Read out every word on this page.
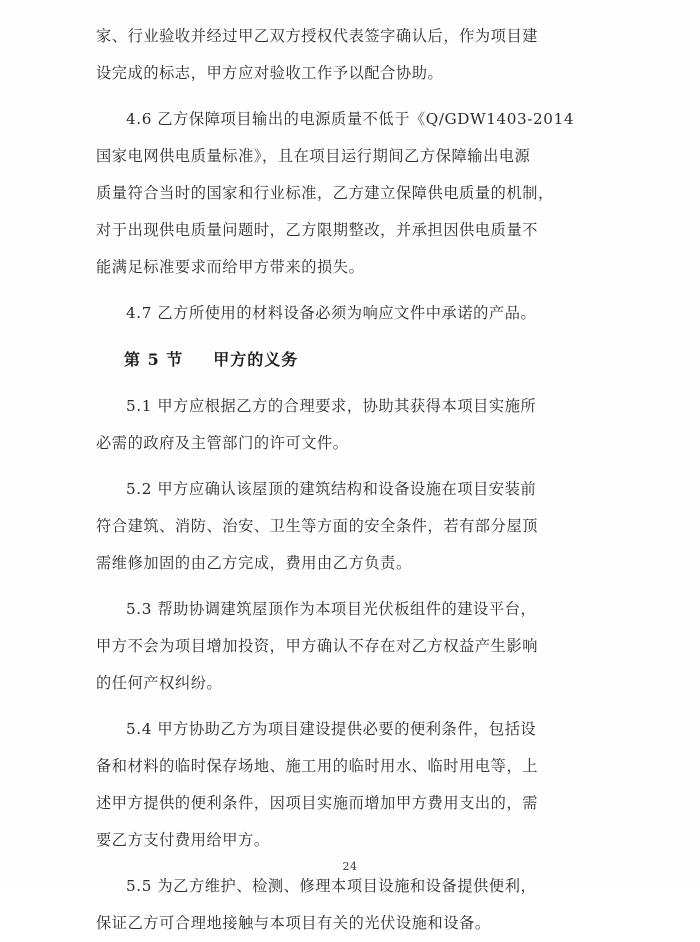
家、行业验收并经过甲乙双方授权代表签字确认后，作为项目建

设完成的标志，甲方应对验收工作予以配合协助。

4.6 乙方保障项目输出的电源质量不低于《Q/GDW1403-2014

国家电网供电质量标准》，且在项目运行期间乙方保障输出电源

质量符合当时的国家和行业标准，乙方建立保障供电质量的机制，

对于出现供电质量问题时，乙方限期整改，并承担因供电质量不

能满足标准要求而给甲方带来的损失。

4.7 乙方所使用的材料设备必须为响应文件中承诺的产品。

第 5 节 甲方的义务

5.1 甲方应根据乙方的合理要求，协助其获得本项目实施所

必需的政府及主管部门的许可文件。

5.2 甲方应确认该屋顶的建筑结构和设备设施在项目安装前

符合建筑、消防、治安、卫生等方面的安全条件，若有部分屋顶

需维修加固的由乙方完成，费用由乙方负责。

5.3 帮助协调建筑屋顶作为本项目光伏板组件的建设平台，

甲方不会为项目增加投资，甲方确认不存在对乙方权益产生影响

的任何产权纠纷。

5.4 甲方协助乙方为项目建设提供必要的便利条件，包括设

备和材料的临时保存场地、施工用的临时用水、临时用电等，上

述甲方提供的便利条件，因项目实施而增加甲方费用支出的，需

要乙方支付费用给甲方。

5.5 为乙方维护、检测、修理本项目设施和设备提供便利，

保证乙方可合理地接触与本项目有关的光伏设施和设备。

24
